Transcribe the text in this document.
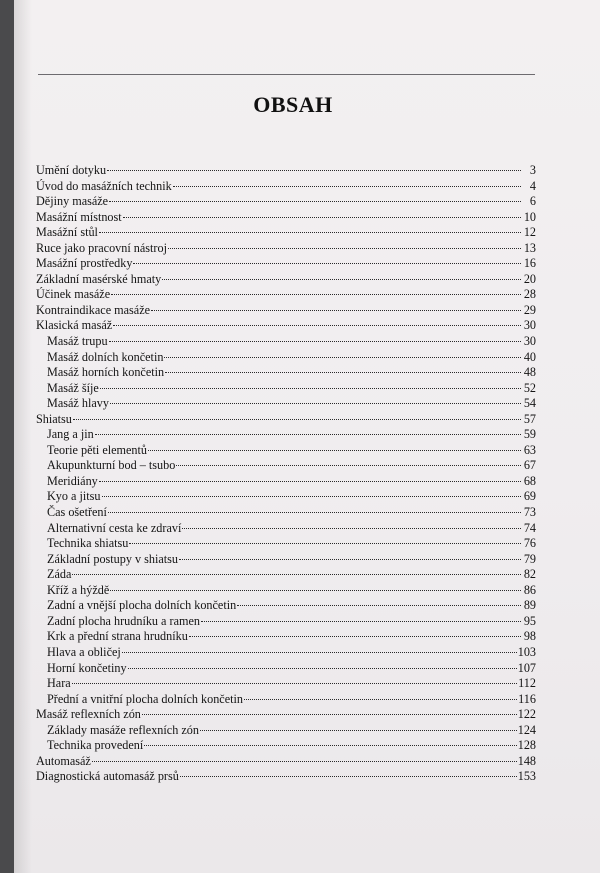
OBSAH
Umění dotyku	3
Úvod do masážních technik	4
Dějiny masáže	6
Masážní místnost	10
Masážní stůl	12
Ruce jako pracovní nástroj	13
Masážní prostředky	16
Základní masérské hmaty	20
Účinek masáže	28
Kontraindikace masáže	29
Klasická masáž	30
Masáž trupu	30
Masáž dolních končetin	40
Masáž horních končetin	48
Masáž šíje	52
Masáž hlavy	54
Shiatsu	57
Jang a jin	59
Teorie pěti elementů	63
Akupunkturní bod – tsubo	67
Meridiány	68
Kyo a jitsu	69
Čas ošetření	73
Alternativní cesta ke zdraví	74
Technika shiatsu	76
Základní postupy v shiatsu	79
Záda	82
Kříž a hýždě	86
Zadní a vnější plocha dolních končetin	89
Zadní plocha hrudníku a ramen	95
Krk a přední strana hrudníku	98
Hlava a obličej	103
Horní končetiny	107
Hara	112
Přední a vnitřní plocha dolních končetin	116
Masáž reflexních zón	122
Základy masáže reflexních zón	124
Technika provedení	128
Automasáž	148
Diagnostická automasáž prsů	153
